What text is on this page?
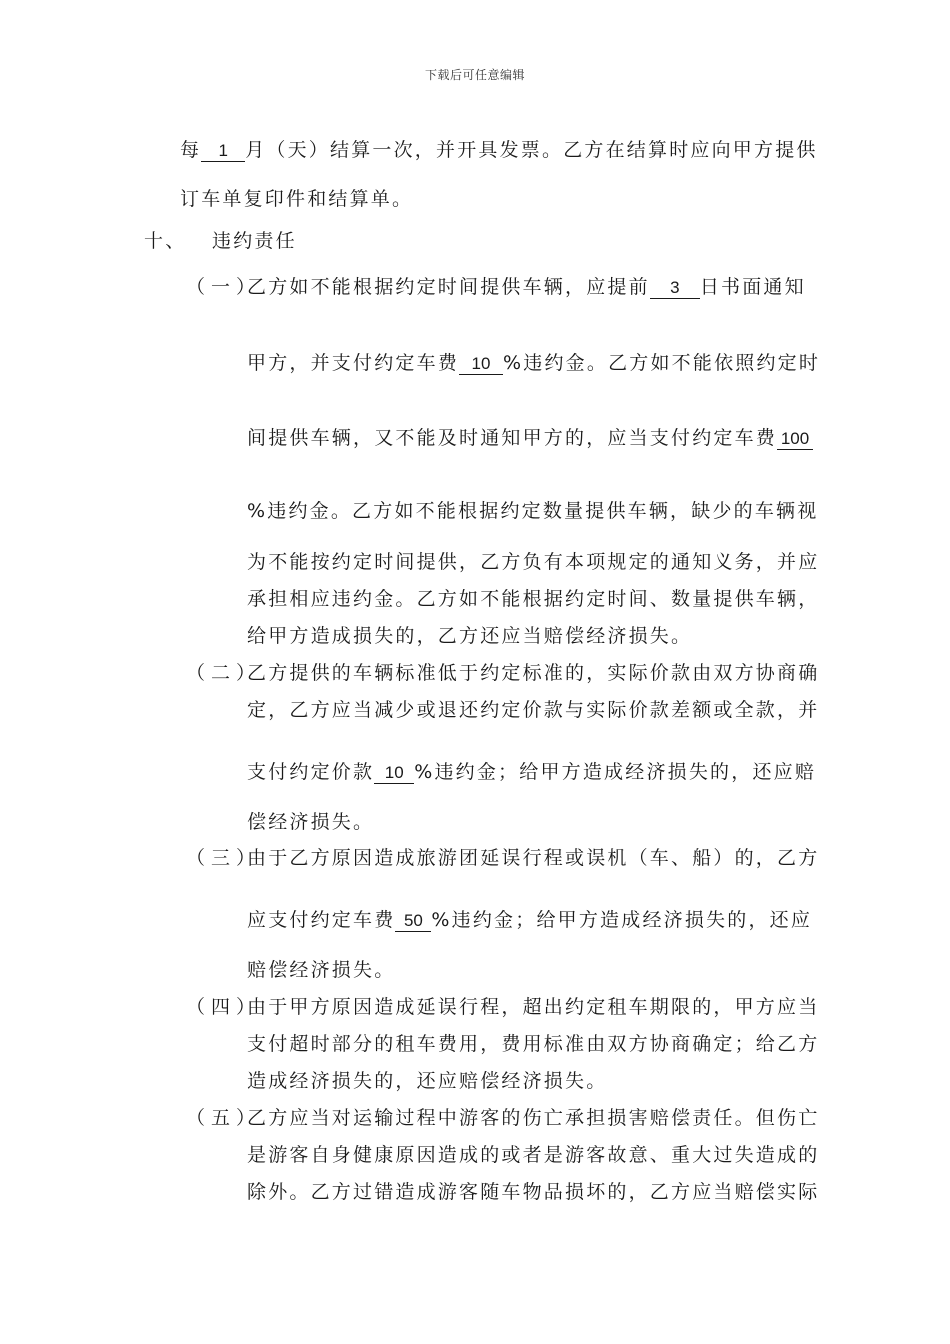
下载后可任意编辑
每 1 月（天）结算一次，并开具发票。乙方在结算时应向甲方提供
订车单复印件和结算单。
十、 违约责任
（一）
乙方如不能根据约定时间提供车辆，应提前 3 日书面通知
甲方，并支付约定车费 10 %违约金。乙方如不能依照约定时
间提供车辆，又不能及时通知甲方的，应当支付约定车费 100
%违约金。乙方如不能根据约定数量提供车辆，缺少的车辆视
为不能按约定时间提供，乙方负有本项规定的通知义务，并应
承担相应违约金。乙方如不能根据约定时间、数量提供车辆，
给甲方造成损失的，乙方还应当赔偿经济损失。
（二）
乙方提供的车辆标准低于约定标准的，实际价款由双方协商确
定，乙方应当减少或退还约定价款与实际价款差额或全款，并
支付约定价款 10 %违约金；给甲方造成经济损失的，还应赔
偿经济损失。
（三）
由于乙方原因造成旅游团延误行程或误机（车、船）的，乙方
应支付约定车费 50 %违约金；给甲方造成经济损失的，还应
赔偿经济损失。
（四）
由于甲方原因造成延误行程，超出约定租车期限的，甲方应当
支付超时部分的租车费用，费用标准由双方协商确定；给乙方
造成经济损失的，还应赔偿经济损失。
（五）
乙方应当对运输过程中游客的伤亡承担损害赔偿责任。但伤亡
是游客自身健康原因造成的或者是游客故意、重大过失造成的
除外。乙方过错造成游客随车物品损坏的，乙方应当赔偿实际
